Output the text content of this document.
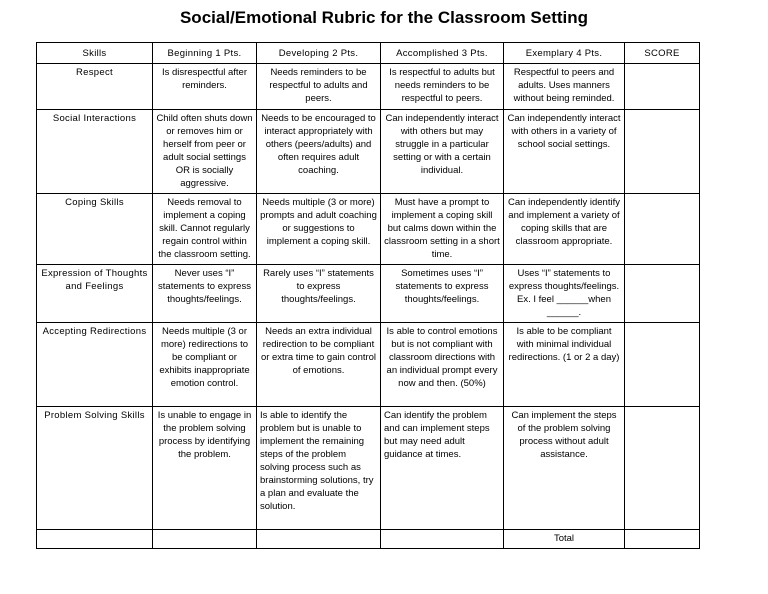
Social/Emotional Rubric for the Classroom Setting
Skills	Beginning 1 Pts.	Developing 2 Pts.	Accomplished 3 Pts.	Exemplary 4 Pts.	SCORE
Respect	Is disrespectful after reminders.	Needs reminders to be respectful to adults and peers.	Is respectful to adults but needs reminders to be respectful to peers.	Respectful to peers and adults. Uses manners without being reminded.	
Social Interactions	Child often shuts down or removes him or herself from peer or adult social settings OR is socially aggressive.	Needs to be encouraged to interact appropriately with others (peers/adults) and often requires adult coaching.	Can independently interact with others but may struggle in a particular setting or with a certain individual.	Can independently interact with others in a variety of school social settings.	
Coping Skills	Needs removal to implement a coping skill. Cannot regularly regain control within the classroom setting.	Needs multiple (3 or more) prompts and adult coaching or suggestions to implement a coping skill.	Must have a prompt to implement a coping skill but calms down within the classroom setting in a short time.	Can independently identify and implement a variety of coping skills that are classroom appropriate.	
Expression of Thoughts and Feelings	Never uses “I” statements to express thoughts/feelings.	Rarely uses “I” statements to express thoughts/feelings.	Sometimes uses “I” statements to express thoughts/feelings.	Uses “I” statements to express thoughts/feelings. Ex. I feel ______when ______.	
Accepting Redirections	Needs multiple (3 or more) redirections to be compliant or exhibits inappropriate emotion control.	Needs an extra individual redirection to be compliant or extra time to gain control of emotions.	Is able to control emotions but is not compliant with classroom directions with an individual prompt every now and then. (50%)	Is able to be compliant with minimal individual redirections. (1 or 2 a day)	
Problem Solving Skills	Is unable to engage in the problem solving process by identifying the problem.	Is able to identify the problem but is unable to implement the remaining steps of the problem solving process such as brainstorming solutions, try a plan and evaluate the solution.	Can identify the problem and can implement steps but may need adult guidance at times.	Can implement the steps of the problem solving process without adult assistance.	
				Total	
